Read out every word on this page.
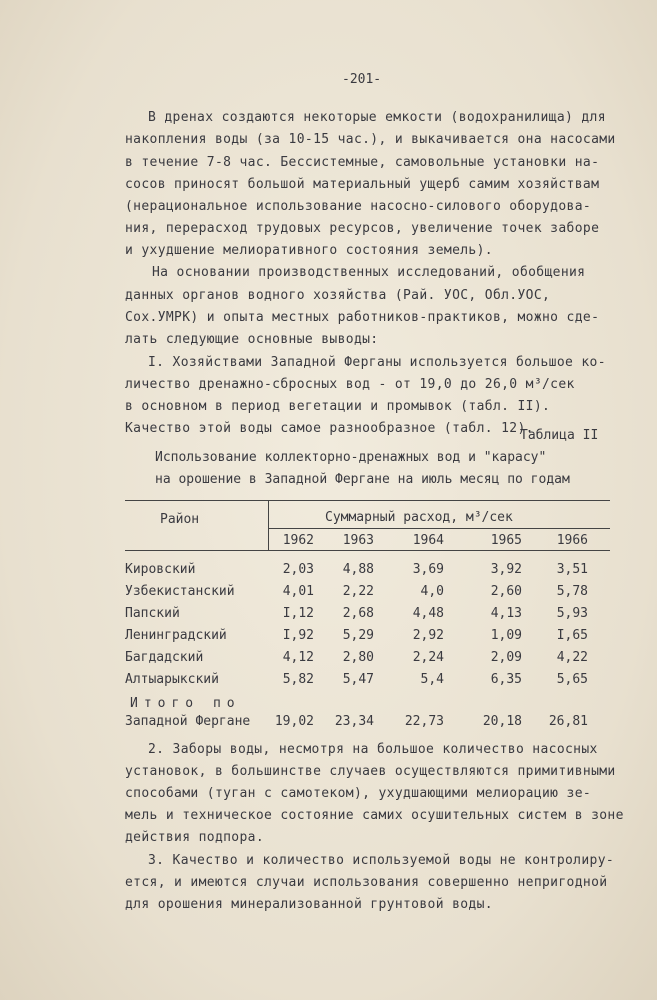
-201-
В дренах создаются некоторые емкости (водохранилища) для
накопления воды (за 10-15 час.), и выкачивается она насосами
в течение 7-8 час. Бессистемные, самовольные установки на-
сосов приносят большой материальный ущерб самим хозяйствам
(нерациональное использование насосно-силового оборудова-
ния, перерасход трудовых ресурсов, увеличение точек заборе
и ухудшение мелиоративного состояния земель).
На основании производственных исследований, обобщения
данных органов водного хозяйства (Рай. УОС, Обл.УОС,
Сох.УМРК) и опыта местных работников-практиков, можно сде-
лать следующие основные выводы:
I. Хозяйствами Западной Ферганы используется большое ко-
личество дренажно-сбросных вод - от 19,0 до 26,0 м³/сек
в основном в период вегетации и промывок (табл. II).
Качество этой воды самое разнообразное (табл. 12).
Таблица II
Использование коллекторно-дренажных вод и "карасу"
на орошение в Западной Фергане на июль месяц по годам
Район	Суммарный расход, м³/сек
1962	1963	1964	1965	1966
Кировский	2,03	4,88	3,69	3,92	3,51
Узбекистанский	4,01	2,22	4,0	2,60	5,78
Папский	I,12	2,68	4,48	4,13	5,93
Ленинградский	I,92	5,29	2,92	1,09	I,65
Багдадский	4,12	2,80	2,24	2,09	4,22
Алтыарыкский	5,82	5,47	5,4	6,35	5,65
Итого по
Западной Фергане	19,02	23,34	22,73	20,18	26,81
2. Заборы воды, несмотря на большое количество насосных
установок, в большинстве случаев осуществляются примитивными
способами (туган с самотеком), ухудшающими мелиорацию зе-
мель и техническое состояние самих осушительных систем в зоне
действия подпора.
3. Качество и количество используемой воды не контролиру-
ется, и имеются случаи использования совершенно непригодной
для орошения минерализованной грунтовой воды.
